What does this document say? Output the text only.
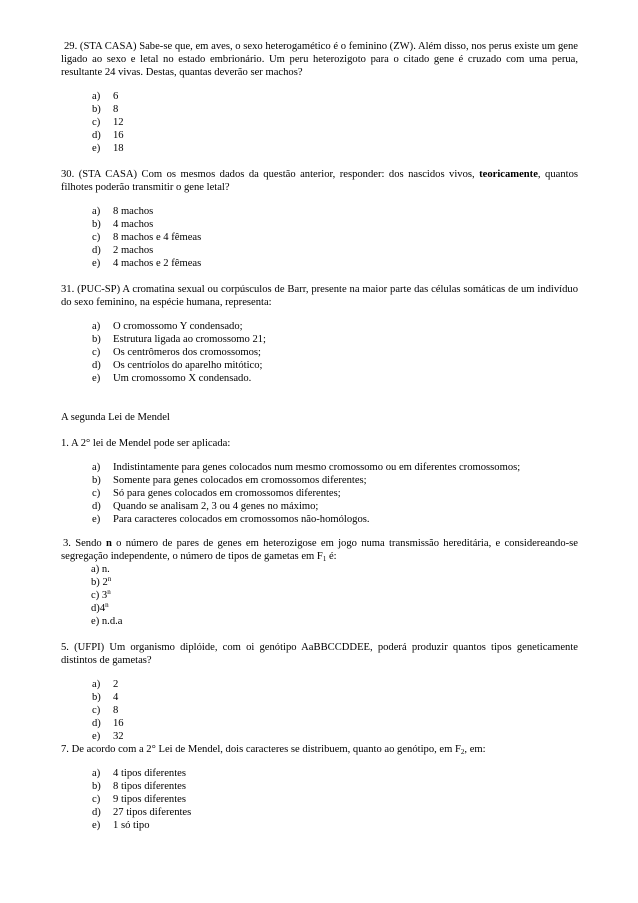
29. (STA CASA) Sabe-se que, em aves, o sexo heterogamético é o feminino (ZW). Além disso, nos perus existe um gene ligado ao sexo e letal no estado embrionário. Um peru heterozigoto para o citado gene é cruzado com uma perua, resultante 24 vivas. Destas, quantas deverão ser machos?

a)	6
b)	8
c)	12
d)	16
e)	18

30. (STA CASA) Com os mesmos dados da questão anterior, responder: dos nascidos vivos, teoricamente, quantos filhotes poderão transmitir o gene letal?

a)	8 machos
b)	4 machos
c)	8 machos e 4 fêmeas
d)	2 machos
e)	4 machos e 2 fêmeas

31. (PUC-SP) A cromatina sexual ou corpúsculos de Barr, presente na maior parte das células somáticas de um indivíduo do sexo feminino, na espécie humana, representa:

a)	O cromossomo Y condensado;
b)	Estrutura ligada ao cromossomo 21;
c)	Os centrômeros dos cromossomos;
d)	Os centríolos do aparelho mitótico;
e)	Um cromossomo X condensado.

A segunda Lei de Mendel

1. A 2° lei de Mendel pode ser aplicada:

a)	Indistintamente para genes colocados num mesmo cromossomo ou em diferentes cromossomos;
b)	Somente para genes colocados em cromossomos diferentes;
c)	Só para genes colocados em cromossomos diferentes;
d)	Quando se analisam 2, 3 ou 4 genes no máximo;
e)	Para caracteres colocados em cromossomos não-homólogos.

3. Sendo n o número de pares de genes em heterozigose em jogo numa transmissão hereditária, e considereando-se segregação independente, o número de tipos de gametas em $F_1$ é:

a) n.
b) 2$^n$
c) 3$^n$
d)4$^n$
e) n.d.a

5. (UFPI) Um organismo diplóide, com oi genótipo AaBBCCDDEE, poderá produzir quantos tipos geneticamente distintos de gametas?

a)	2
b)	4
c)	8
d)	16
e)	32

7. De acordo com a 2° Lei de Mendel, dois caracteres se distribuem, quanto ao genótipo, em $F_2$, em:

a)	4 tipos diferentes
b)	8 tipos diferentes
c)	9 tipos diferentes
d)	27 tipos diferentes
e)	1 só tipo
